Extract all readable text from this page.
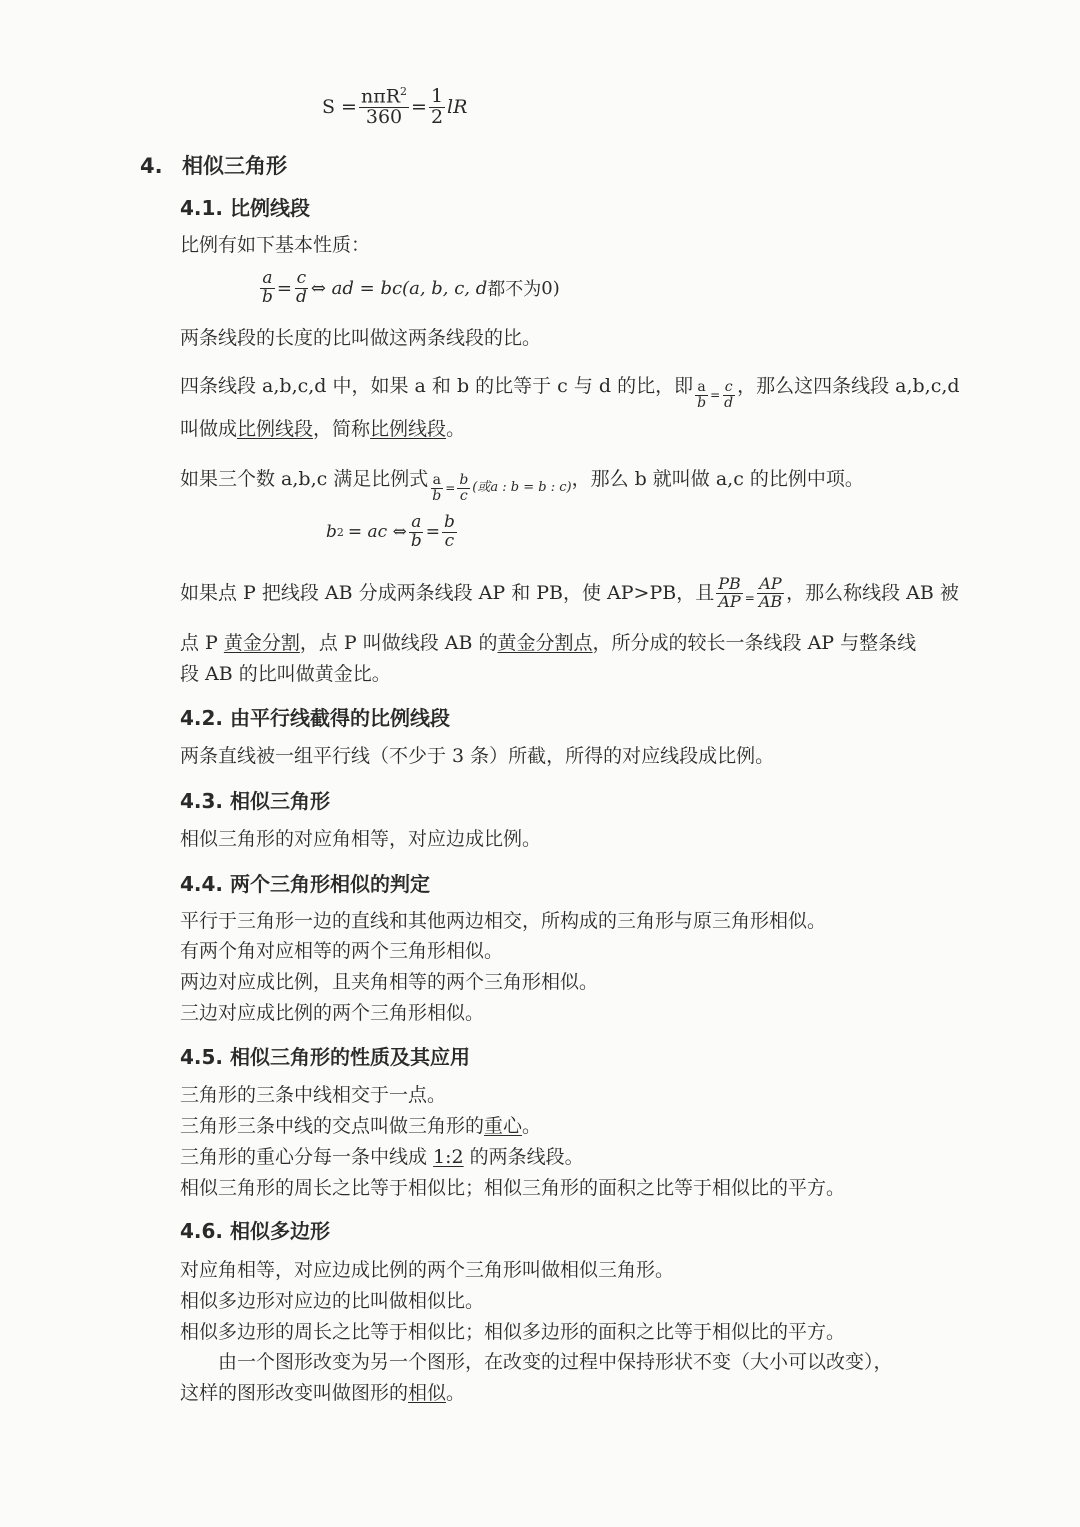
$S = \frac{n\pi R^2}{360} = \frac{1}{2}$ lR
4. 相似三角形
4.1. 比例线段
比例有如下基本性质：
$\frac{a}{b} = \frac{c}{d}$ ⇔ ad = bc(a, b, c, d 都不为 0)
两条线段的长度的比叫做这两条线段的比。
四条线段 a,b,c,d 中，如果 a 和 b 的比等于 c 与 d 的比，即 $\frac{a}{b} = \frac{c}{d}$ ，那么这四条线段 a,b,c,d
叫做成比例线段，简称比例线段。
如果三个数 a,b,c 满足比例式 $\frac{a}{b} = \frac{b}{c}$ (或a : b = b : c) ，那么 b 就叫做 a,c 的比例中项。
b 2 = ac ⇔ $\frac{a}{b} = \frac{b}{c}$
如果点 P 把线段 AB 分成两条线段 AP 和 PB，使 AP>PB，且 $\frac{PB}{AP} = \frac{AP}{AB}$ ，那么称线段 AB 被
点 P 黄金分割，点 P 叫做线段 AB 的黄金分割点，所分成的较长一条线段 AP 与整条线
段 AB 的比叫做黄金比。
4.2. 由平行线截得的比例线段
两条直线被一组平行线（不少于 3 条）所截，所得的对应线段成比例。
4.3. 相似三角形
相似三角形的对应角相等，对应边成比例。
4.4. 两个三角形相似的判定
平行于三角形一边的直线和其他两边相交，所构成的三角形与原三角形相似。
有两个角对应相等的两个三角形相似。
两边对应成比例，且夹角相等的两个三角形相似。
三边对应成比例的两个三角形相似。
4.5. 相似三角形的性质及其应用
三角形的三条中线相交于一点。
三角形三条中线的交点叫做三角形的重心。
三角形的重心分每一条中线成 1:2 的两条线段。
相似三角形的周长之比等于相似比；相似三角形的面积之比等于相似比的平方。
4.6. 相似多边形
对应角相等，对应边成比例的两个三角形叫做相似三角形。
相似多边形对应边的比叫做相似比。
相似多边形的周长之比等于相似比；相似多边形的面积之比等于相似比的平方。
由一个图形改变为另一个图形，在改变的过程中保持形状不变（大小可以改变），
这样的图形改变叫做图形的相似。
